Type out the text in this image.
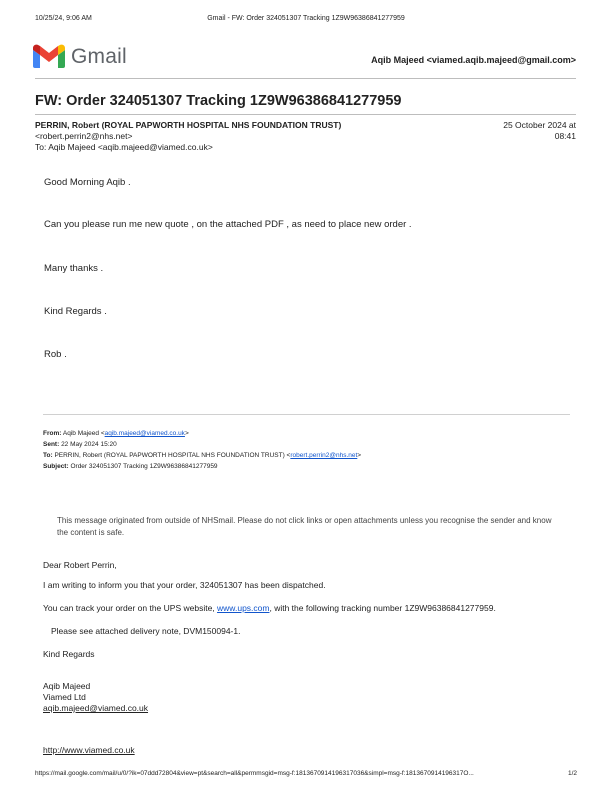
10/25/24, 9:06 AM	Gmail - FW: Order 324051307 Tracking 1Z9W96386841277959
Gmail	Aqib Majeed <viamed.aqib.majeed@gmail.com>
FW: Order 324051307 Tracking 1Z9W96386841277959
PERRIN, Robert (ROYAL PAPWORTH HOSPITAL NHS FOUNDATION TRUST)
<robert.perrin2@nhs.net>
To: Aqib Majeed <aqib.majeed@viamed.co.uk>
25 October 2024 at
08:41
Good Morning Aqib .
Can you please run me new quote , on the attached PDF , as need to place new order .
Many thanks .
Kind Regards .
Rob .
From: Aqib Majeed <aqib.majeed@viamed.co.uk>
Sent: 22 May 2024 15:20
To: PERRIN, Robert (ROYAL PAPWORTH HOSPITAL NHS FOUNDATION TRUST) <robert.perrin2@nhs.net>
Subject: Order 324051307 Tracking 1Z9W96386841277959
This message originated from outside of NHSmail. Please do not click links or open attachments unless you recognise the sender and know the content is safe.
Dear Robert Perrin,
I am writing to inform you that your order, 324051307 has been dispatched.
You can track your order on the UPS website, www.ups.com, with the following tracking number 1Z9W96386841277959.
Please see attached delivery note, DVM150094-1.
Kind Regards
Aqib Majeed
Viamed Ltd
aqib.majeed@viamed.co.uk
http://www.viamed.co.uk
https://mail.google.com/mail/u/0/?ik=07ddd72804&view=pt&search=all&permmsgid=msg-f:1813670914196317036&simpl=msg-f:1813670914196317O...	1/2
